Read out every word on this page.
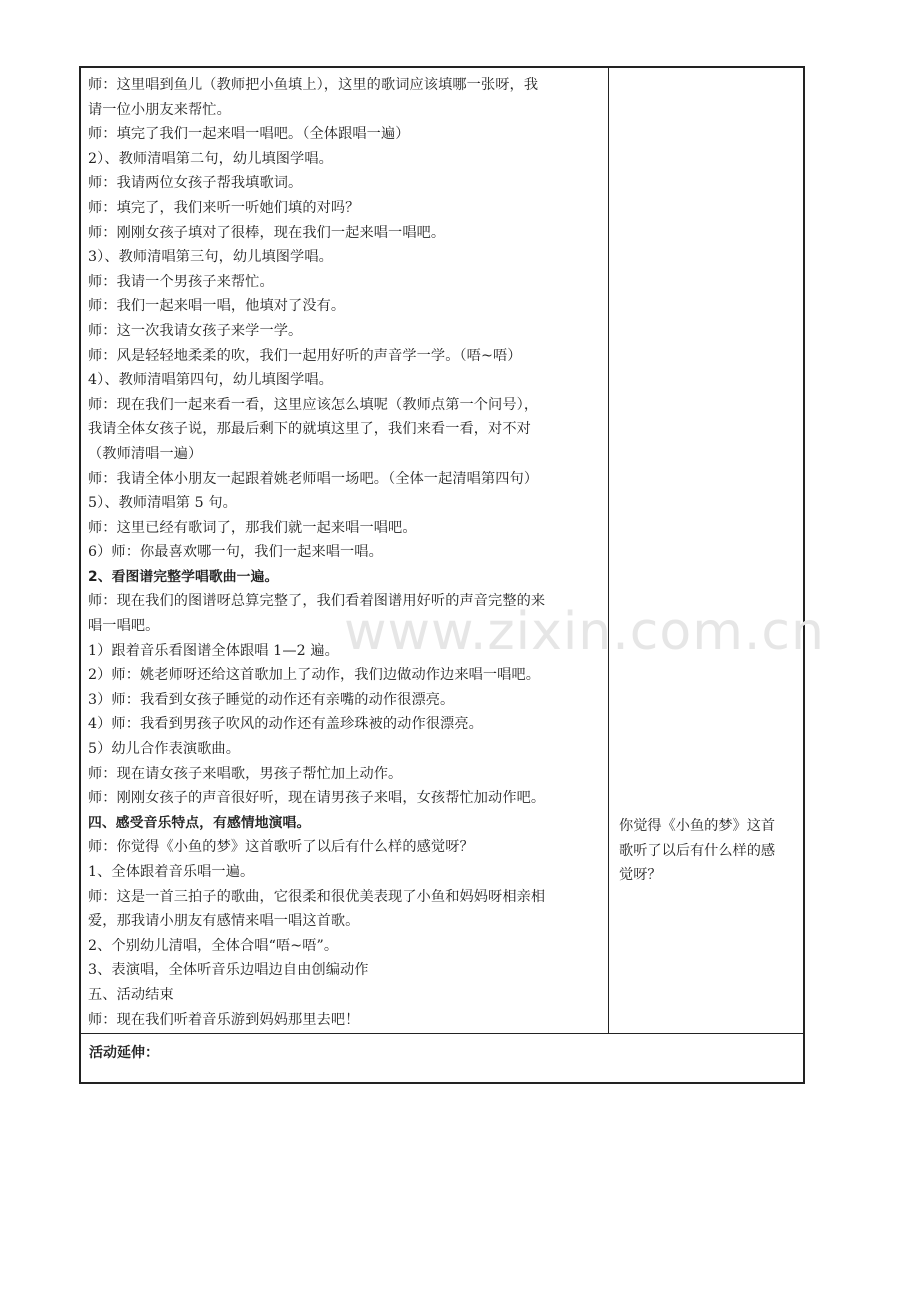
师：这里唱到鱼儿（教师把小鱼填上），这里的歌词应该填哪一张呀，我

请一位小朋友来帮忙。

师：填完了我们一起来唱一唱吧。（全体跟唱一遍）

2）、教师清唱第二句，幼儿填图学唱。

师：我请两位女孩子帮我填歌词。

师：填完了，我们来听一听她们填的对吗？

师：刚刚女孩子填对了很棒，现在我们一起来唱一唱吧。

3）、教师清唱第三句，幼儿填图学唱。

师：我请一个男孩子来帮忙。

师：我们一起来唱一唱，他填对了没有。

师：这一次我请女孩子来学一学。

师：风是轻轻地柔柔的吹，我们一起用好听的声音学一学。（唔~唔）

4）、教师清唱第四句，幼儿填图学唱。

师：现在我们一起来看一看，这里应该怎么填呢（教师点第一个问号），

我请全体女孩子说，那最后剩下的就填这里了，我们来看一看，对不对

（教师清唱一遍）

师：我请全体小朋友一起跟着姚老师唱一场吧。（全体一起清唱第四句）

5）、教师清唱第 5 句。

师：这里已经有歌词了，那我们就一起来唱一唱吧。

6）师：你最喜欢哪一句，我们一起来唱一唱。

2、看图谱完整学唱歌曲一遍。

师：现在我们的图谱呀总算完整了，我们看着图谱用好听的声音完整的来

唱一唱吧。

1）跟着音乐看图谱全体跟唱 1—2 遍。

2）师：姚老师呀还给这首歌加上了动作，我们边做动作边来唱一唱吧。

3）师：我看到女孩子睡觉的动作还有亲嘴的动作很漂亮。

4）师：我看到男孩子吹风的动作还有盖珍珠被的动作很漂亮。

5）幼儿合作表演歌曲。

师：现在请女孩子来唱歌，男孩子帮忙加上动作。

师：刚刚女孩子的声音很好听，现在请男孩子来唱，女孩帮忙加动作吧。

四、感受音乐特点，有感情地演唱。

师：你觉得《小鱼的梦》这首歌听了以后有什么样的感觉呀？

1、全体跟着音乐唱一遍。

师：这是一首三拍子的歌曲，它很柔和很优美表现了小鱼和妈妈呀相亲相

爱，那我请小朋友有感情来唱一唱这首歌。

2、个别幼儿清唱，全体合唱“唔~唔”。

3、表演唱，全体听音乐边唱边自由创编动作

五、活动结束

师：现在我们听着音乐游到妈妈那里去吧！

你觉得《小鱼的梦》这首

歌听了以后有什么样的感

觉呀？

活动延伸：
www.zixin.com.cn
